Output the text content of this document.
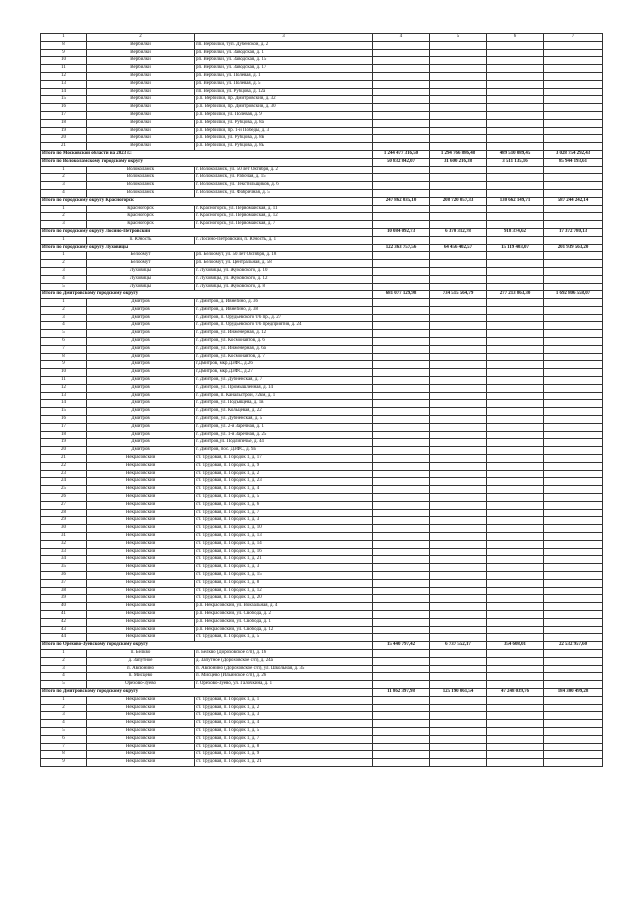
1	2	3	4	5	6	7
8	Вербилки	пп. Вербилки, туп. Дубенской, д. 2				
9	Вербилки	рп. Вербилки, ул. Заводская, д. 1				
10	Вербилки	рп. Вербилки, ул. Заводская, д. 15				
11	Вербилки	рп. Вербилки, ул. Заводская, д. 17				
12	Вербилки	рп. Вербилки, ул. Полевая, д. 1				
13	Вербилки	рп. Вербилки, ул. Полевая, д. 5				
14	Вербилки	пп. Вербилки, ул. Рубцова, д. 12а				
15	Вербилки	р.п. Вербилки, пр. Дмитровский, д. 32				
16	Вербилки	р.п. Вербилки, пр. Дмитровский, д. 30				
17	Вербилки	р.п. Вербилки, ул. Полевая, д. 9				
18	Вербилки	р.п. Вербилки, ул. Рубцова, д. 8а				
19	Вербилки	р.п. Вербилки, пр. 1-й Победы, д. 3				
20	Вербилки	р.п. Вербилки, ул. Рубцова, д. 8в				
21	Вербилки	р.п. Вербилки, ул. Рубцова, д. 8ь				
Итого по Московской области на 2023 г.:			1 244 477 316,50	1 294 766 886,48	489 510 089,45	3 028 754 292,43
Итого по Волоколамскому городскому округу			50 832 842,07	31 600 216,38	3 511 135,16	85 944 193,61
1	Волоколамск	г. Волоколамск, ул. 50 лет Октября, д. 2				
2	Волоколамск	г. Волоколамск, ул. Рабочая, д. 15				
3	Волоколамск	г. Волоколамск, ул. Текстильщиков, д. 6				
4	Волоколамск	г. Волоколамск, ул. Фабричная, д. 5				
Итого по городскому округу Красногорск			247 862 035,10	208 720 057,33	130 662 149,71	587 244 242,14
1	Красногорск	г. Красногорск, ул. Первомайская, д. 11				
2	Красногорск	г. Красногорск, ул. Первомайская, д. 12				
3	Красногорск	г. Красногорск, ул. Первомайская, д. 7				
Итого по городскому округу Лосино-Петровский			10 084 092,73	6 370 312,78	918 374,62	17 372 780,13
1	п. Юность	г. Лосино-Петровский, п. Юность, д. 1				
Итого по городскому округу Луховицы			122 363 757,56	64 456 402,57	15 119 403,07	201 939 563,20
1	Белоомут	рп. Белоомут, ул. 50 лет Октября, д. 18				
2	Белоомут	рп. Белоомут, ул. Центральная, д. 58				
3	Луховицы	г. Луховицы, ул. Жуковского, д. 10				
4	Луховицы	г. Луховицы, ул. Жуковского, д. 12				
5	Луховицы	г. Луховицы, ул. Жуковского, д. 8				
Итого по Дмитровскому городскому округу			681 077 129,98	734 515 564,79	277 213 863,30	1 692 806 558,07
1	Дмитров	г. Дмитров, д. Ивнеfино, д. 36				
2	Дмитров	г. Дмитров, д. Ивнеfино, д. 38				
3	Дмитров	г. Дмитров, п. Орудьевского т/б пр., д. 27				
4	Дмитров	г. Дмитров, п. Орудьевского т/б предприятия, д. 24				
5	Дмитров	г. Дмитров, ул. Инженерная, д. 12				
6	Дмитров	г. Дмитров, ул. Космонавтов, д. 6				
7	Дмитров	г. Дмитров, ул. Инженерная, д. 6а				
8	Дмитров	г. Дмитров, ул. Космонавтов, д. 7				
9	Дмитров	г.Дмитров, мкр.ДЗФС, д.26				
10	Дмитров	г.Дмитров, мкр.ДЗФС, д.27				
11	Дмитров	г. Дмитров, ул. Дубненская, д. 7				
12	Дмитров	г. Дмитров, ул. Промышленная, д. 14				
13	Дмитров	г. Дмитров, п. Канальстрой, 72км, д. 1				
14	Дмитров	г. Дмитров, ул. Подъящева, д. 1в				
15	Дмитров	г. Дмитров, ул. Кольцевая, д. 22				
16	Дмитров	г. Дмитров, ул. Дубненская, д. 5				
17	Дмитров	г. Дмитров, ул. 2-я Заречная, д. 1				
18	Дмитров	г. Дмитров, ул. 1-я Заречная, д. 25				
19	Дмитров	г. Дмитров,ул. Подлипечье, д. 44				
20	Дмитров	г. Дмитров, пос. ДЗФС, д. 9а				
21	Некрасовский	ст. Трудовая, п. Городок 1, д. 17				
22	Некрасовский	ст. Трудовая, п. Городок 1, д. 9				
23	Некрасовский	ст. Трудовая, п. Городок 1, д. 2				
24	Некрасовский	ст. Трудовая, п. Городок 1, д. 23				
25	Некрасовский	ст. Трудовая, п. Городок 1, д. 4				
26	Некрасовский	ст. Трудовая, п. Городок 1, д. 5				
27	Некрасовский	ст. Трудовая, п. Городок 1, д. 6				
28	Некрасовский	ст. Трудовая, п. Городок 1, д. 7				
29	Некрасовский	ст. Трудовая, п. Городок 1, д. 3				
30	Некрасовский	ст. Трудовая, п. Городок 1, д. 10				
31	Некрасовский	ст. Трудовая, п. Городок 1, д. 13				
32	Некрасовский	ст. Трудовая, п. Городок 1, д. 14				
33	Некрасовский	ст. Трудовая, п. Городок 1, д. 16				
34	Некрасовский	ст. Трудовая, п. Городок 1, д. 21				
35	Некрасовский	ст. Трудовая, п. Городок 1, д. 3				
36	Некрасовский	ст. Трудовая, п. Городок 1, д. 15				
37	Некрасовский	ст. Трудовая, п. Городок 1, д. 8				
38	Некрасовский	ст. Трудовая, п. Городок 1, д. 12				
39	Некрасовский	ст. Трудовая, п. Городок 1, д. 20				
40	Некрасовский	р.п. Некрасовский, ул. Вокзальная, д. 4				
41	Некрасовский	р.п. Некрасовский, ул. Свобода, д. 2				
42	Некрасовский	р.п. Некрасовский, ул. Свобода, д. 1				
43	Некрасовский	р.п. Некрасовский, ул. Свобода, д. 12				
44	Некрасовский	ст. Трудовая, п. Городок 1, д. 5				
Итого по Орехово-Зуевскому городскому округу			15 440 797,42	6 737 552,17	354 608,01	22 532 957,60
1	п. Белкво	п. Белкво (Дороховское с/п), д. 16				
2	д. Запутное	д. Запутное (Дороховское с/п), д. 24а				
3	п. Авсюнино	п. Авсюнино (Дороховское с/п), ул. Школьная, д. 35				
4	п. Мисцево	п. Мисцево (Ильинское с/п), д. 26				
5	Орехово-Зуево	г. Орехово-Зуево, ул. Галочкина, д. 1				
Итого по Дмитровскому городскому округу			11 862 397,98	125 190 061,54	47 248 039,76	184 300 499,28
1	Некрасовский	ст. Трудовая, п. Городок 1, д. 1				
2	Некрасовский	ст. Трудовая, п. Городок 1, д. 2				
3	Некрасовский	ст. Трудовая, п. Городок 1, д. 3				
4	Некрасовский	ст. Трудовая, п. Городок 1, д. 4				
5	Некрасовский	ст. Трудовая, п. Городок 1, д. 5				
6	Некрасовский	ст. Трудовая, п. Городок 1, д. 7				
7	Некрасовский	ст. Трудовая, п. Городок 1, д. 8				
8	Некрасовский	ст. Трудовая, п. Городок 1, д. 9				
9	Некрасовский	ст. Трудовая, п. Городок 1, д. 21				
